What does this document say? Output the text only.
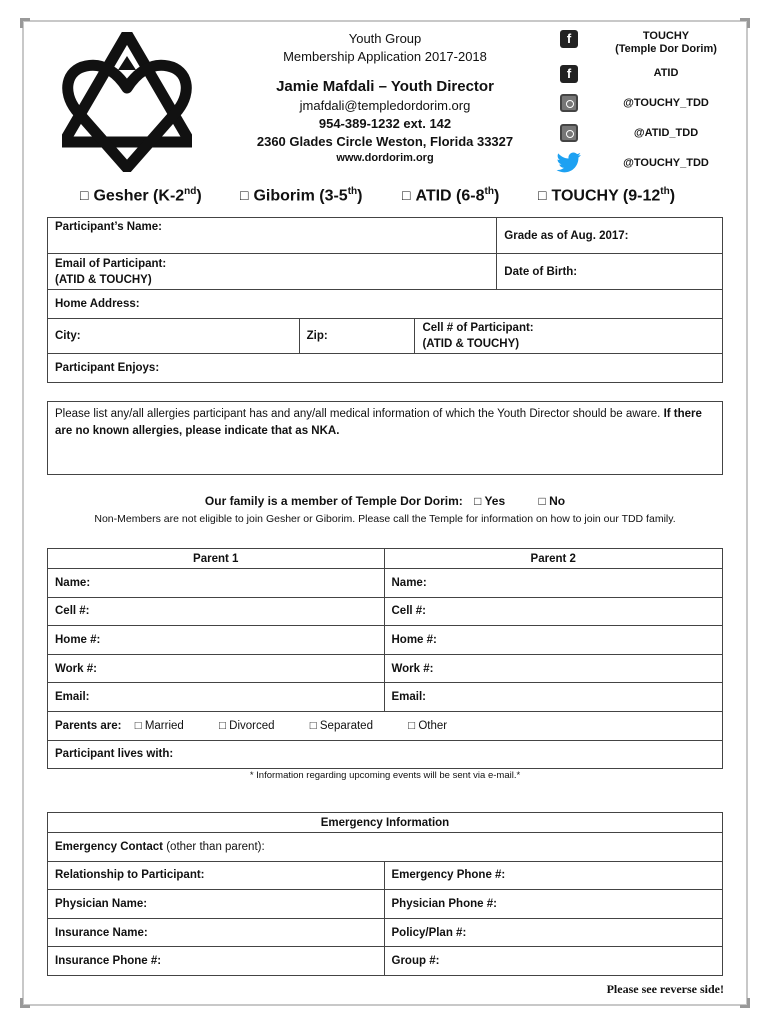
Youth Group
Membership Application 2017-2018
Jamie Mafdali – Youth Director
jmafdali@templedordorim.org
954-389-1232 ext. 142
2360 Glades Circle Weston, Florida 33327
www.dordorim.org
f	TOUCHY
(Temple Dor Dorim)
f	ATID
@TOUCHY_TDD
@ATID_TDD
@TOUCHY_TDD
□ Gesher (K-2nd)	□ Giborim (3-5th)	□ ATID (6-8th)	□ TOUCHY (9-12th)
Participant’s Name:			Grade as of Aug. 2017:

Email of Participant:
(ATID & TOUCHY)			Date of Birth:
Home Address:			
City:	Zip:	Cell # of Participant:
(ATID & TOUCHY)	

Participant Enjoys:			
Please list any/all allergies participant has and any/all medical information of which the Youth Director should be aware. If there are no known allergies, please indicate that as NKA.
Our family is a member of Temple Dor Dorim: □ Yes	□ No
Non-Members are not eligible to join Gesher or Giborim. Please call the Temple for information on how to join our TDD family.
Parent 1	Parent 2
Name:	Name:
Cell #:	Cell #:
Home #:	Home #:
Work #:	Work #:
Email:	Email:
Parents are: □ Married □ Divorced □ Separated □ Other	
Participant lives with:	
* Information regarding upcoming events will be sent via e-mail.*
Emergency Information	
Emergency Contact (other than parent):	
Relationship to Participant:	Emergency Phone #:
Physician Name:	Physician Phone #:
Insurance Name:	Policy/Plan #:
Insurance Phone #:	Group #:
Please see reverse side!
